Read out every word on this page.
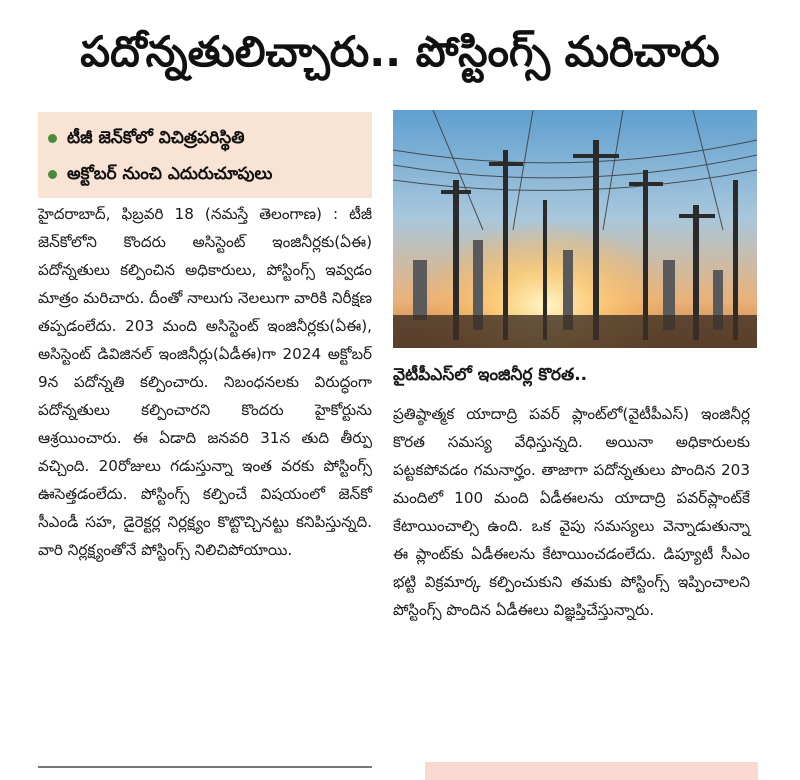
పదోన్నతులిచ్చారు.. పోస్టింగ్స్ మరిచారు
టీజీ జెన్‌కోలో విచిత్రపరిస్థితి
అక్టోబర్ నుంచి ఎదురుచూపులు

హైదరాబాద్, ఫిబ్రవరి 18 (నమస్తే తెలంగాణ) : టీజీ జెన్‌కోలోని కొందరు అసిస్టెంట్ ఇంజినీర్లకు(ఏఈ) పదోన్నతులు కల్పించిన అధికారులు, పోస్టింగ్స్ ఇవ్వడం మాత్రం మరిచారు. దీంతో నాలుగు నెలలుగా వారికి నిరీక్షణ తప్పడంలేదు. 203 మంది అసిస్టెంట్ ఇంజినీర్లకు(ఏఈ), అసిస్టెంట్ డివిజినల్ ఇంజినీర్లు(ఏడీఈ)గా 2024 అక్టోబర్ 9న పదోన్నతి కల్పించారు. నిబంధనలకు విరుద్ధంగా పదోన్నతులు కల్పించారని కొందరు హైకోర్టును ఆశ్రయించారు. ఈ ఏడాది జనవరి 31న తుది తీర్పు వచ్చింది. 20రోజులు గడుస్తున్నా ఇంత వరకు పోస్టింగ్స్ ఊసెత్తడంలేదు. పోస్టింగ్స్ కల్పించే విషయంలో జెన్‌కో సీఎండీ సహ, డైరెక్టర్ల నిర్లక్ష్యం కొట్టొచ్చినట్టు కనిపిస్తున్నది. వారి నిర్లక్ష్యంతోనే పోస్టింగ్స్ నిలిచిపోయాయి.

వైటీపీఎస్‌లో ఇంజినీర్ల కొరత..

ప్రతిష్ఠాత్మక యాదాద్రి పవర్ ప్లాంట్‌లో(వైటీపీఎస్) ఇంజినీర్ల కొరత సమస్య వేధిస్తున్నది. అయినా అధికారులకు పట్టకపోవడం గమనార్హం. తాజాగా పదోన్నతులు పొందిన 203 మందిలో 100 మంది ఏడీఈలను యాదాద్రి పవర్‌ప్లాంట్‌కే కేటాయించాల్సి ఉంది. ఒక వైపు సమస్యలు వెన్నాడుతున్నా ఈ ప్లాంట్‌కు ఏడీఈలను కేటాయించడంలేదు. డిప్యూటీ సీఎం భట్టి విక్రమార్క కల్పించుకుని తమకు పోస్టింగ్స్ ఇప్పించాలని పోస్టింగ్స్ పొందిన ఏడీఈలు విజ్ఞప్తిచేస్తున్నారు.
